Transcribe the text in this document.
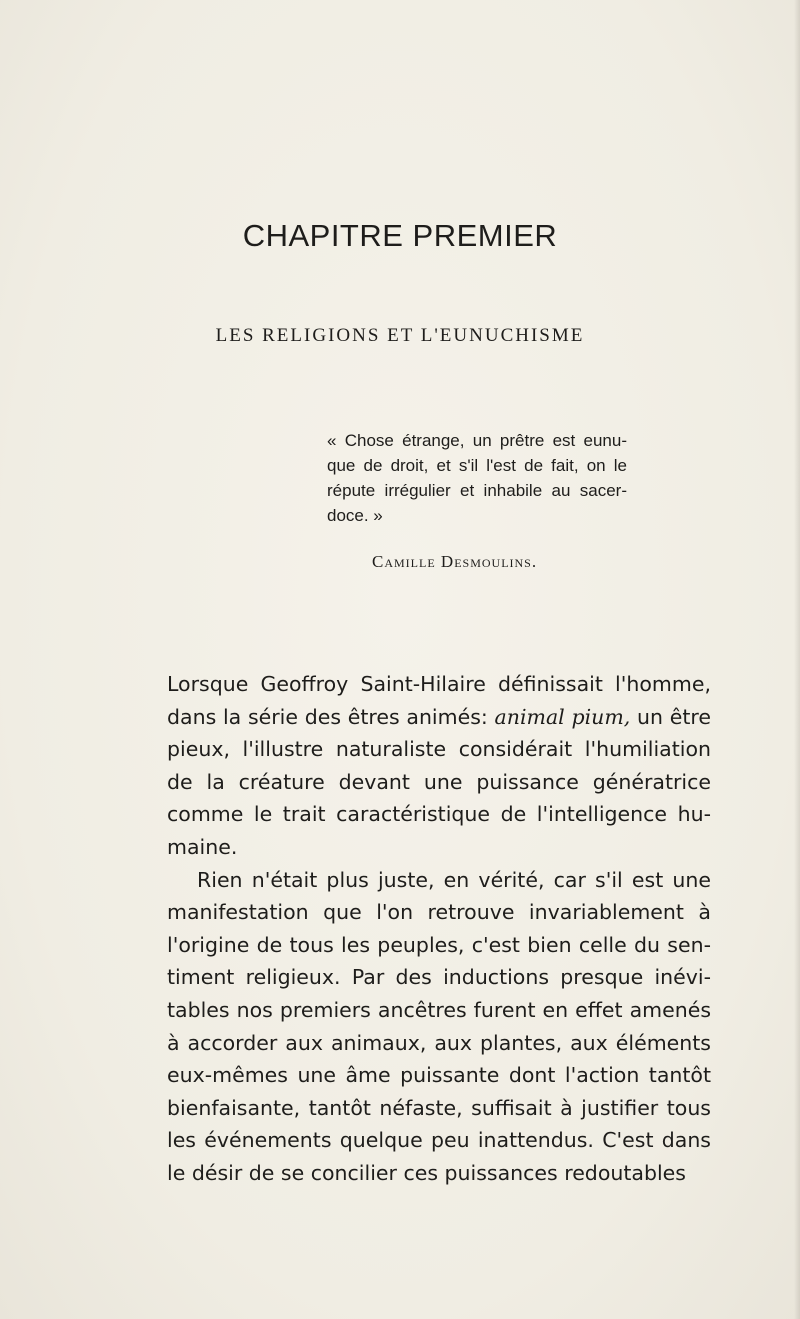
CHAPITRE PREMIER
LES RELIGIONS ET L'EUNUCHISME
« Chose étrange, un prêtre est eunu-
que de droit, et s'il l'est de fait, on le
répute irrégulier et inhabile au sacer-
doce. »
Camille Desmoulins.
Lorsque Geoffroy Saint-Hilaire définissait l'homme,
dans la série des êtres animés: animal pium, un être
pieux, l'illustre naturaliste considérait l'humiliation
de la créature devant une puissance génératrice
comme le trait caractéristique de l'intelligence hu-
maine.
Rien n'était plus juste, en vérité, car s'il est une
manifestation que l'on retrouve invariablement à
l'origine de tous les peuples, c'est bien celle du sen-
timent religieux. Par des inductions presque inévi-
tables nos premiers ancêtres furent en effet amenés
à accorder aux animaux, aux plantes, aux éléments
eux-mêmes une âme puissante dont l'action tantôt
bienfaisante, tantôt néfaste, suffisait à justifier tous
les événements quelque peu inattendus. C'est dans
le désir de se concilier ces puissances redoutables
